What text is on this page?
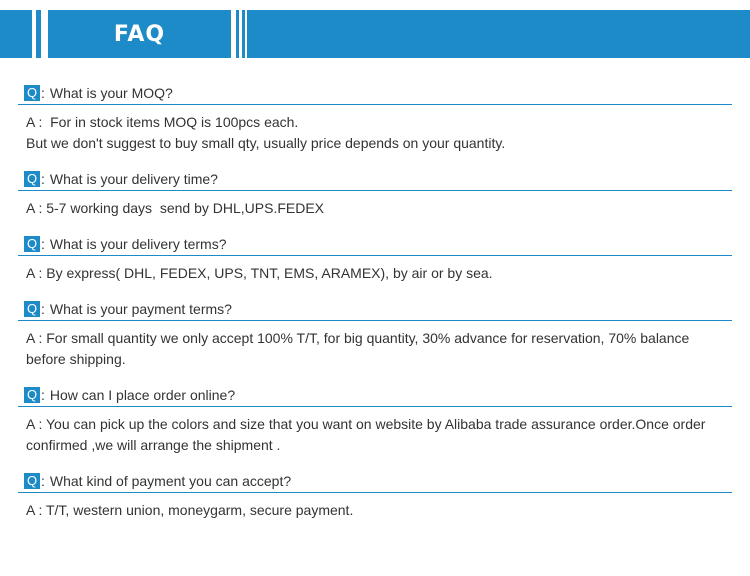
FAQ
Q : What is your MOQ?
A :  For in stock items MOQ is 100pcs each.
But we don't suggest to buy small qty, usually price depends on your quantity.
Q : What is your delivery time?
A : 5-7 working days  send by DHL,UPS.FEDEX
Q : What is your delivery terms?
A : By express( DHL, FEDEX, UPS, TNT, EMS, ARAMEX), by air or by sea.
Q : What is your payment terms?
A : For small quantity we only accept 100% T/T, for big quantity, 30% advance for reservation, 70% balance
before shipping.
Q : How can I place order online?
A : You can pick up the colors and size that you want on website by Alibaba trade assurance order.Once order
confirmed ,we will arrange the shipment .
Q : What kind of payment you can accept?
A : T/T, western union, moneygarm, secure payment.
